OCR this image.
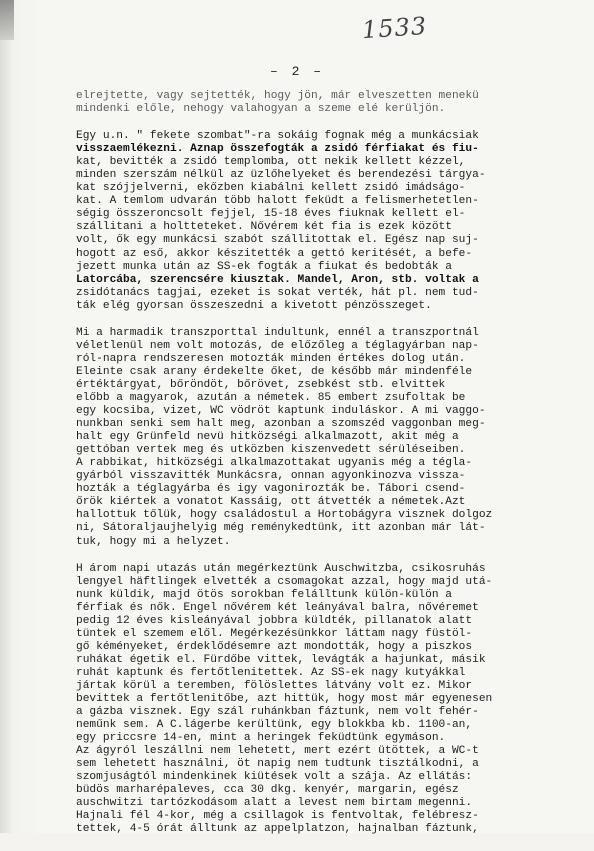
1533
– 2 –
elrejtette, vagy sejtették, hogy jön, már elveszetten menekü
mindenki előle, nehogy valahogyan a szeme elé kerüljön.
Egy u.n. " fekete szombat"-ra sokáig fognak még a munkácsiak
visszaemlékezni. Aznap összefogták a zsidó férfiakat és fiu-
kat, bevitték a zsidó templomba, ott nekik kellett kézzel,
minden szerszám nélkül az üzlőhelyeket és berendezési tárgya-
kat szójjelverni, ekőzben kiabálni kellett zsidó imádságo-
kat. A temlom udvarán több halott feküdt a felismerhetetlen-
ségig összeroncsolt fejjel, 15-18 éves fiuknak kellett el-
szállitani a holtteteket. Nővérem két fia is ezek között
volt, ők egy munkácsi szabót szállitottak el. Egész nap suj-
hogott az eső, akkor készitették a gettó keritését, a befe-
jezett munka után az SS-ek fogták a fiukat és bedobták a
Latorcába, szerencsére kiusztak. Mandel, Áron, stb. voltak a
zsidótanács tagjai, ezeket is sokat verték, hát pl. nem tud-
ták elég gyorsan összeszedni a kivetott pénzösszeget.
Mi a harmadik transzporttal indultunk, ennél a transzportnál
véletlenül nem volt motozás, de előzőleg a téglagyárban nap-
ról-napra rendszeresen motozták minden értékes dolog után.
Eleinte csak arany érdekelte őket, de később már mindenféle
értéktárgyat, bőröndöt, bőrövet, zsebkést stb. elvittek
előbb a magyarok, azután a németek. 85 embert zsufoltak be
egy kocsiba, vizet, WC vödröt kaptunk induláskor. A mi vaggo-
nunkban senki sem halt meg, azonban a szomszéd vaggonban meg-
halt egy Grünfeld nevü hitközségi alkalmazott, akit még a
gettóban vertek meg és utközben kiszenvedett sérüléseiben.
A rabbikat, hitközségi alkalmazottakat ugyanis még a tégla-
gyárból visszavitték Munkácsra, onnan agyonkinozva vissza-
hozták a téglagyárba és igy vagonirozták be. Tábori csend-
őrök kiértek a vonatot Kassáig, ott átvették a németek.Azt
hallottuk tőlük, hogy családostul a Hortobágyra visznek dolgoz
ni, Sátoraljaujhelyig még reménykedtünk, itt azonban már lát-
tuk, hogy mi a helyzet.
H árom napi utazás után megérkeztünk Auschwitzba, csikosruhás
lengyel häftlingek elvették a csomagokat azzal, hogy majd utá-
nunk küldik, majd ötös sorokban felálltunk külön-külön a
férfiak és nők. Engel nővérem két leányával balra, nővéremet
pedig 12 éves kisleányával jobbra küldték, pillanatok alatt
tüntek el szemem elől. Megérkezésünkkor láttam nagy füstöl-
gő kéményeket, érdeklődésemre azt mondották, hogy a piszkos
ruhákat égetik el. Fürdőbe vittek, levágták a hajunkat, másik
ruhát kaptunk és fertőtlenitettek. Az SS-ek nagy kutyákkal
jártak körül a teremben, fölöslettes látvány volt ez. Mikor
bevittek a fertőtlenitőbe, azt hittük, hogy most már egyenesen
a gázba visznek. Egy szál ruhánkban fáztunk, nem volt fehér-
neműnk sem. A C.lágerbe kerültünk, egy blokkba kb. 1100-an,
egy priccsre 14-en, mint a heringek feküdtünk egymáson.
Az ágyról leszállni nem lehetett, mert ezért ütöttek, a WC-t
sem lehetett használni, öt napig nem tudtunk tisztálkodni, a
szomjuságtól mindenkinek kiütések volt a szája. Az ellátás:
büdös marharépaleves, cca 30 dkg. kenyér, margarin, egész
auschwitzi tartózkodásom alatt a levest nem birtam megenni.
Hajnali fél 4-kor, még a csillagok is fentvoltak, felébresz-
tettek, 4-5 órát álltunk az appelplatzon, hajnalban fáztunk,
